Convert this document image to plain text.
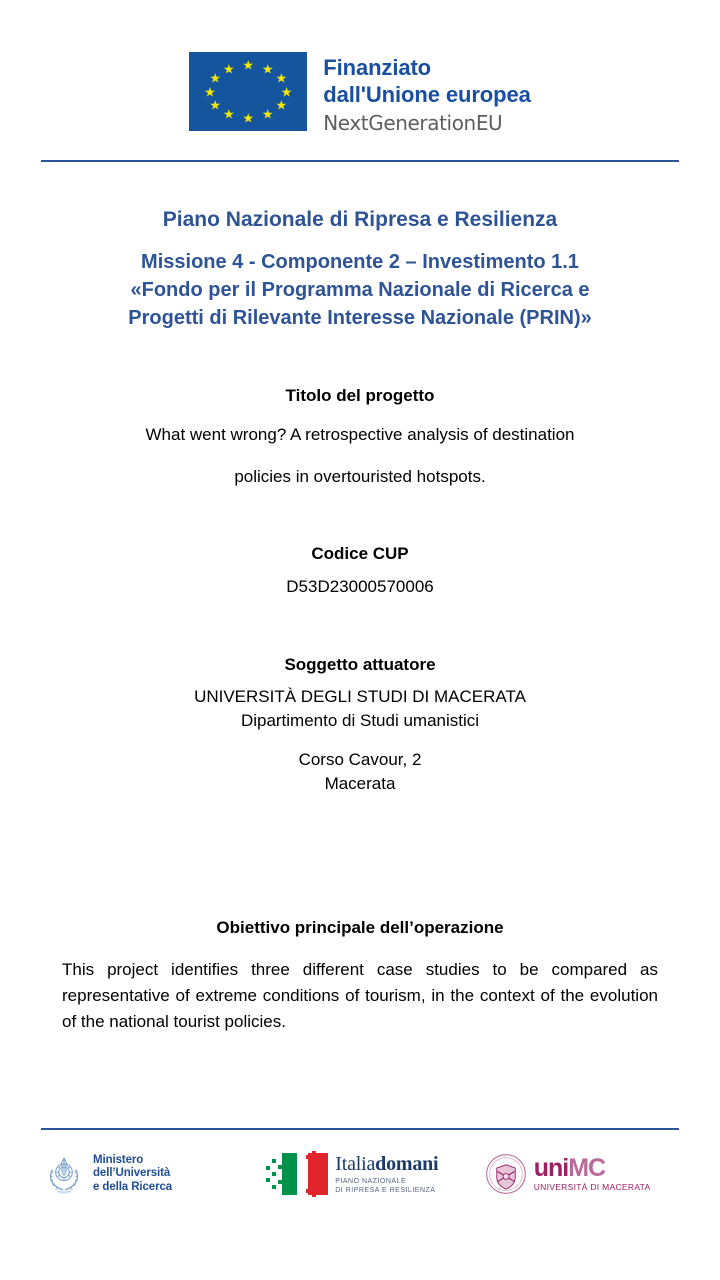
★ ★
★
★
★
★
★
★
★
★
★
★	Finanziato
dall'Unione europea
NextGenerationEU
Piano Nazionale di Ripresa e Resilienza
Missione 4 - Componente 2 – Investimento 1.1
«Fondo per il Programma Nazionale di Ricerca e
Progetti di Rilevante Interesse Nazionale (PRIN)»
Titolo del progetto
What went wrong? A retrospective analysis of destination
policies in overtouristed hotspots.
Codice CUP
D53D23000570006
Soggetto attuatore
UNIVERSITÀ DEGLI STUDI DI MACERATA
Dipartimento di Studi umanistici
Corso Cavour, 2
Macerata
Obiettivo principale dell’operazione
This project identifies three different case studies to be compared as representative of extreme conditions of tourism, in the context of the evolution of the national tourist policies.
Ministero
dell’Università
e della Ricerca
Italiadomani
PIANO NAZIONALE
DI RIPRESA E RESILIENZA
uniMC
UNIVERSITÀ DI MACERATA
